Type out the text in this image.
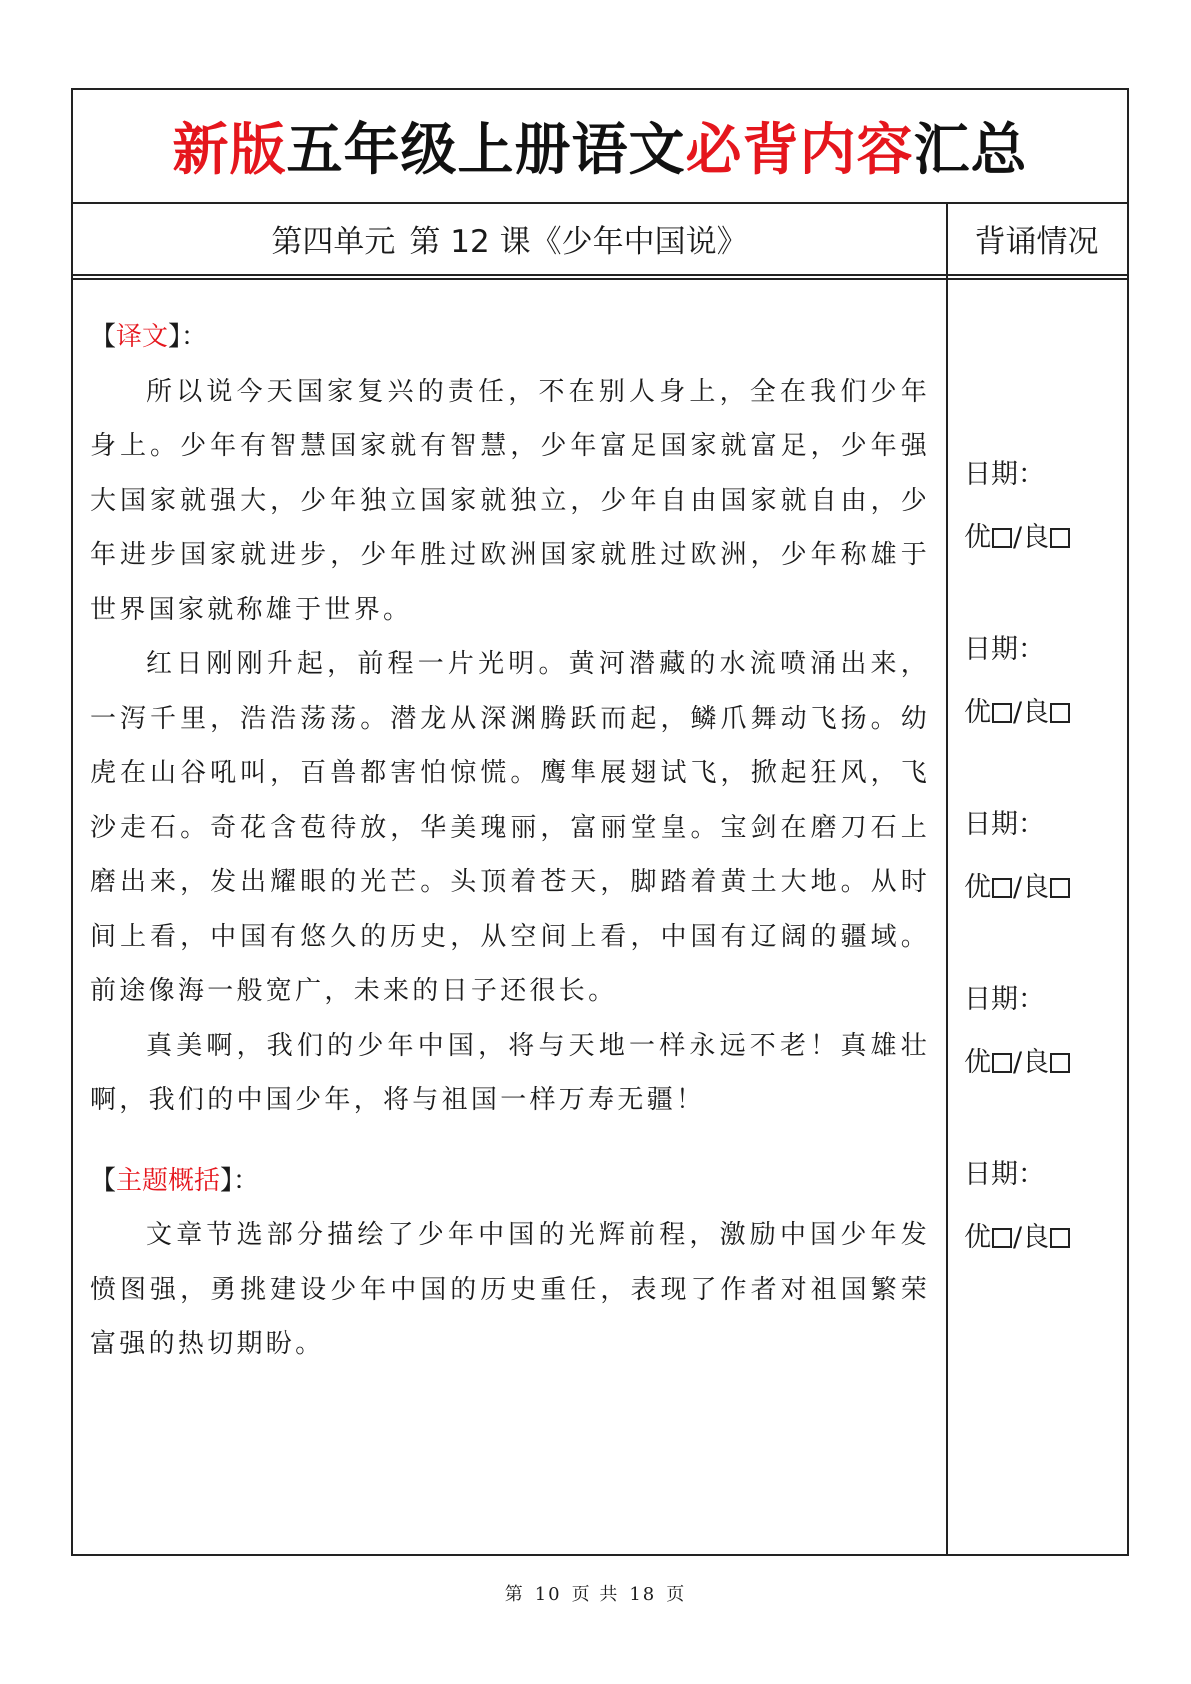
新版 五年级上册语文 必背内容 汇总
第四单元 第 12 课《少年中国说》	背诵情况
【译文】：

所以说今天国家复兴的责任，不在别人身上，全在我们少年身上。少年有智慧国家就有智慧，少年富足国家就富足，少年强大国家就强大，少年独立国家就独立，少年自由国家就自由，少年进步国家就进步，少年胜过欧洲国家就胜过欧洲，少年称雄于世界国家就称雄于世界。

红日刚刚升起，前程一片光明。黄河潜藏的水流喷涌出来，一泻千里，浩浩荡荡。潜龙从深渊腾跃而起，鳞爪舞动飞扬。幼虎在山谷吼叫，百兽都害怕惊慌。鹰隼展翅试飞，掀起狂风，飞沙走石。奇花含苞待放，华美瑰丽，富丽堂皇。宝剑在磨刀石上磨出来，发出耀眼的光芒。头顶着苍天，脚踏着黄土大地。从时间上看，中国有悠久的历史，从空间上看，中国有辽阔的疆域。前途像海一般宽广，未来的日子还很长。

真美啊，我们的少年中国，将与天地一样永远不老！真雄壮啊，我们的中国少年，将与祖国一样万寿无疆！

【主题概括】：

文章节选部分描绘了少年中国的光辉前程，激励中国少年发愤图强，勇挑建设少年中国的历史重任，表现了作者对祖国繁荣富强的热切期盼。

日期：
优 /良
日期：
优 /良
日期：
优 /良
日期：
优 /良
日期：
优 /良
第 10 页 共 18 页
